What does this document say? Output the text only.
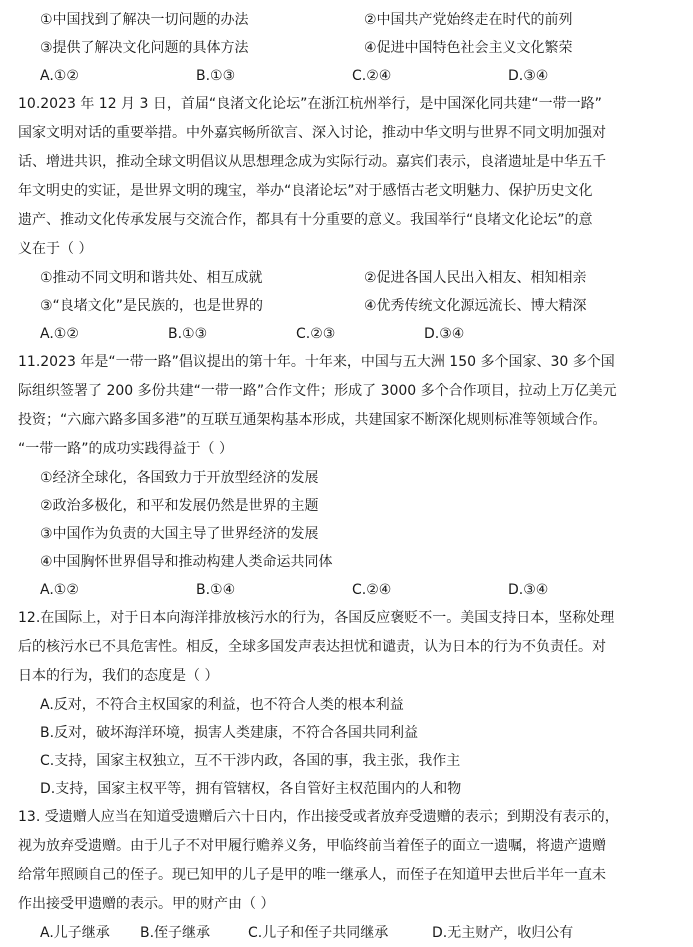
①中国找到了解决一切问题的办法	②中国共产党始终走在时代的前列
③提供了解决文化问题的具体方法	④促进中国特色社会主义文化繁荣
A.①②	B.①③	C.②④	D.③④

10.2023 年 12 月 3 日，首届“良渚文化论坛”在浙江杭州举行，是中国深化同共建“一带一路”
国家文明对话的重要举措。中外嘉宾畅所欲言、深入讨论，推动中华文明与世界不同文明加强对
话、增进共识，推动全球文明倡议从思想理念成为实际行动。嘉宾们表示，良渚遗址是中华五千
年文明史的实证，是世界文明的瑰宝，举办“良渚论坛”对于感悟古老文明魅力、保护历史文化
遗产、推动文化传承发展与交流合作，都具有十分重要的意义。我国举行“良堵文化论坛”的意
义在于（ ）

①推动不同文明和谐共处、相互成就	②促进各国人民出入相友、相知相亲
③“良堵文化”是民族的，也是世界的	④优秀传统文化源远流长、博大精深
A.①②	B.①③	C.②③	D.③④

11.2023 年是“一带一路”倡议提出的第十年。十年来，中国与五大洲 150 多个国家、30 多个国
际组织签署了 200 多份共建“一带一路”合作文件；形成了 3000 多个合作项目，拉动上万亿美元
投资；“六廊六路多国多港”的互联互通架构基本形成，共建国家不断深化规则标准等领域合作。
“一带一路”的成功实践得益于（ ）

①经济全球化，各国致力于开放型经济的发展
②政治多极化，和平和发展仍然是世界的主题
③中国作为负责的大国主导了世界经济的发展
④中国胸怀世界倡导和推动构建人类命运共同体
A.①②	B.①④	C.②④	D.③④

12.在国际上，对于日本向海洋排放核污水的行为，各国反应褒贬不一。美国支持日本，坚称处理
后的核污水已不具危害性。相反，全球多国发声表达担忧和谴责，认为日本的行为不负责任。对
日本的行为，我们的态度是（ ）

A.反对，不符合主权国家的利益，也不符合人类的根本利益
B.反对，破坏海洋环境，损害人类建康，不符合各国共同利益
C.支持，国家主权独立，互不干涉内政，各国的事，我主张，我作主
D.支持，国家主权平等，拥有管辖权，各自管好主权范围内的人和物

13. 受遗赠人应当在知道受遗赠后六十日内，作出接受或者放弃受遗赠的表示；到期没有表示的，
视为放弃受遗赠。由于儿子不对甲履行赡养义务，甲临终前当着侄子的面立一遗嘱，将遗产遗赠
给常年照顾自己的侄子。现已知甲的儿子是甲的唯一继承人，而侄子在知道甲去世后半年一直未
作出接受甲遗赠的表示。甲的财产由（ ）

A.儿子继承	B.侄子继承	C.儿子和侄子共同继承	D.无主财产，收归公有
